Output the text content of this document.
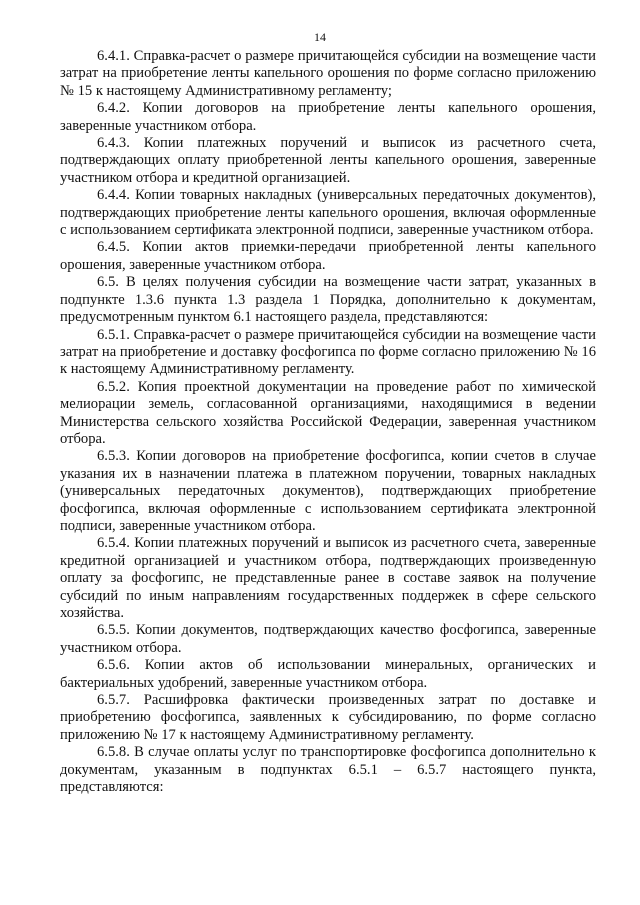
14

6.4.1. Справка-расчет о размере причитающейся субсидии на возмещение части затрат на приобретение ленты капельного орошения по форме согласно приложению № 15 к настоящему Административному регламенту;

6.4.2. Копии договоров на приобретение ленты капельного орошения, заверенные участником отбора.

6.4.3. Копии платежных поручений и выписок из расчетного счета, подтверждающих оплату приобретенной ленты капельного орошения, заверенные участником отбора и кредитной организацией.

6.4.4. Копии товарных накладных (универсальных передаточных документов), подтверждающих приобретение ленты капельного орошения, включая оформленные с использованием сертификата электронной подписи, заверенные участником отбора.

6.4.5. Копии актов приемки-передачи приобретенной ленты капельного орошения, заверенные участником отбора.

6.5. В целях получения субсидии на возмещение части затрат, указанных в подпункте 1.3.6 пункта 1.3 раздела 1 Порядка, дополнительно к документам, предусмотренным пунктом 6.1 настоящего раздела, представляются:

6.5.1. Справка-расчет о размере причитающейся субсидии на возмещение части затрат на приобретение и доставку фосфогипса по форме согласно приложению № 16 к настоящему Административному регламенту.

6.5.2. Копия проектной документации на проведение работ по химической мелиорации земель, согласованной организациями, находящимися в ведении Министерства сельского хозяйства Российской Федерации, заверенная участником отбора.

6.5.3. Копии договоров на приобретение фосфогипса, копии счетов в случае указания их в назначении платежа в платежном поручении, товарных накладных (универсальных передаточных документов), подтверждающих приобретение фосфогипса, включая оформленные с использованием сертификата электронной подписи, заверенные участником отбора.

6.5.4. Копии платежных поручений и выписок из расчетного счета, заверенные кредитной организацией и участником отбора, подтверждающих произведенную оплату за фосфогипс, не представленные ранее в составе заявок на получение субсидий по иным направлениям государственных поддержек в сфере сельского хозяйства.

6.5.5. Копии документов, подтверждающих качество фосфогипса, заверенные участником отбора.

6.5.6. Копии актов об использовании минеральных, органических и бактериальных удобрений, заверенные участником отбора.

6.5.7. Расшифровка фактически произведенных затрат по доставке и приобретению фосфогипса, заявленных к субсидированию, по форме согласно приложению № 17 к настоящему Административному регламенту.

6.5.8. В случае оплаты услуг по транспортировке фосфогипса дополнительно к документам, указанным в подпунктах 6.5.1 – 6.5.7 настоящего пункта, представляются:
